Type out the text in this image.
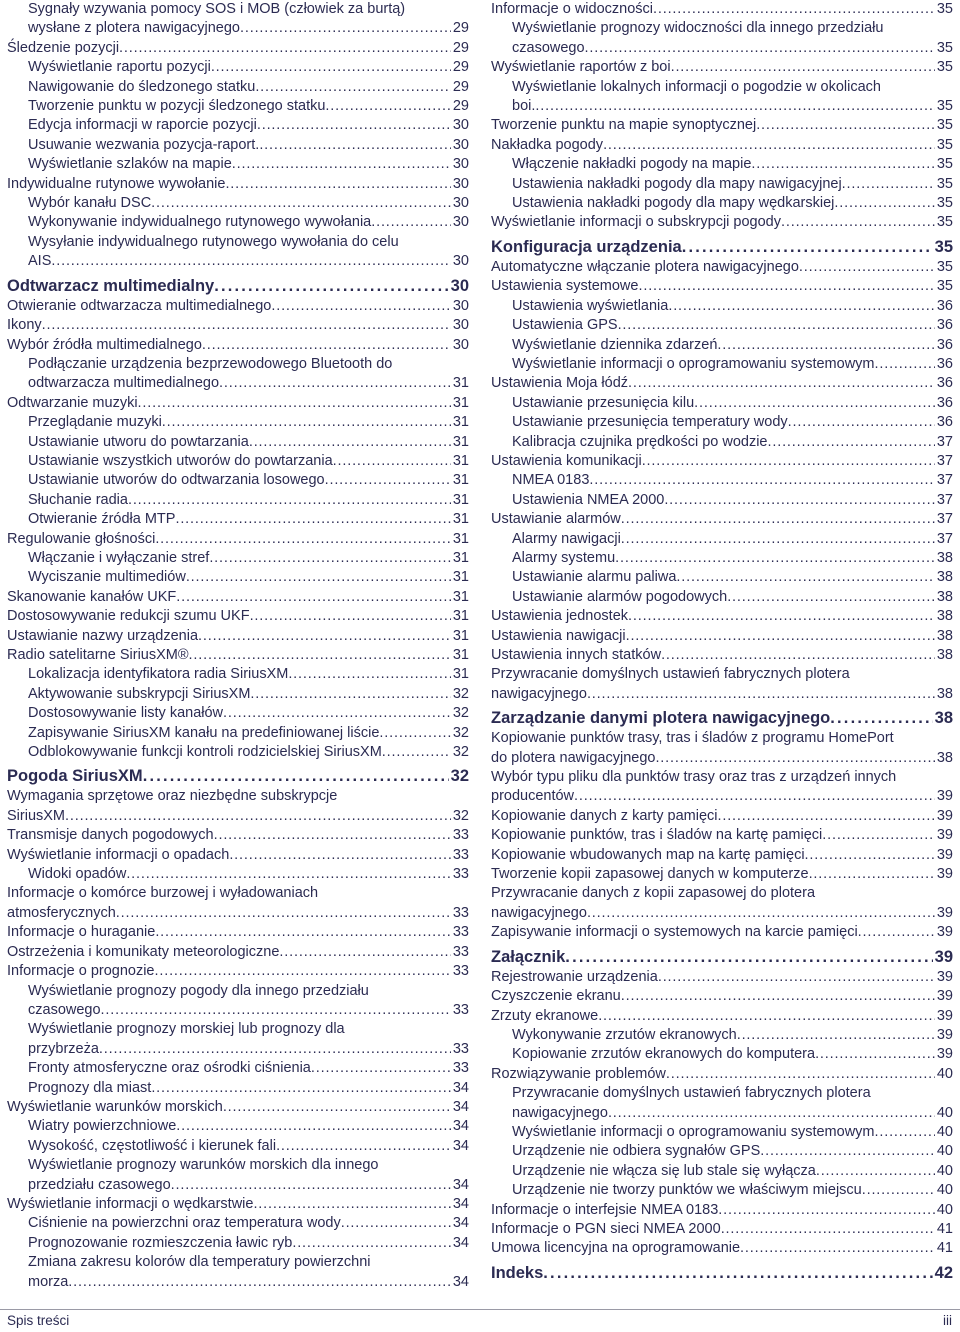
Sygnały wzywania pomocy SOS i MOB (człowiek za burtą)
wysłane z plotera nawigacyjnego . . .	29
Śledzenie pozycji . . .	29
Wyświetlanie raportu pozycji . . .	29
Nawigowanie do śledzonego statku . . .	29
Tworzenie punktu w pozycji śledzonego statku . . .	29
Edycja informacji w raporcie pozycji . . .	30
Usuwanie wezwania pozycja-raport. . . .	30
Wyświetlanie szlaków na mapie . . .	30
Indywidualne rutynowe wywołanie . . .	30
Wybór kanału DSC . . .	30
Wykonywanie indywidualnego rutynowego wywołania . . .	30
Wysyłanie indywidualnego rutynowego wywołania do celu
AIS . . .	30
Odtwarzacz multimedialny . . .	30
Otwieranie odtwarzacza multimedialnego . . .	30
Ikony . . .	30
Wybór źródła multimedialnego . . .	30
Podłączanie urządzenia bezprzewodowego Bluetooth do
odtwarzacza multimedialnego . . .	31
Odtwarzanie muzyki . . .	31
Przeglądanie muzyki . . .	31
Ustawianie utworu do powtarzania . . .	31
Ustawianie wszystkich utworów do powtarzania . . .	31
Ustawianie utworów do odtwarzania losowego . . .	31
Słuchanie radia . . .	31
Otwieranie źródła MTP . . .	31
Regulowanie głośności . . .	31
Włączanie i wyłączanie stref . . .	31
Wyciszanie multimediów . . .	31
Skanowanie kanałów UKF . . .	31
Dostosowywanie redukcji szumu UKF . . .	31
Ustawianie nazwy urządzenia . . .	31
Radio satelitarne SiriusXM® . . .	31
Lokalizacja identyfikatora radia SiriusXM . . .	31
Aktywowanie subskrypcji SiriusXM . . .	32
Dostosowywanie listy kanałów . . .	32
Zapisywanie SiriusXM kanału na predefiniowanej liście . . .	32
Odblokowywanie funkcji kontroli rodzicielskiej SiriusXM . . .	32
Pogoda SiriusXM . . .	32
Wymagania sprzętowe oraz niezbędne subskrypcje
SiriusXM . . .	32
Transmisje danych pogodowych . . .	33
Wyświetlanie informacji o opadach . . .	33
Widoki opadów . . .	33
Informacje o komórce burzowej i wyładowaniach
atmosferycznych . . .	33
Informacje o huraganie . . .	33
Ostrzeżenia i komunikaty meteorologiczne . . .	33
Informacje o prognozie . . .	33
Wyświetlanie prognozy pogody dla innego przedziału
czasowego . . .	33
Wyświetlanie prognozy morskiej lub prognozy dla
przybrzeża . . .	33
Fronty atmosferyczne oraz ośrodki ciśnienia . . .	33
Prognozy dla miast . . .	34
Wyświetlanie warunków morskich . . .	34
Wiatry powierzchniowe . . .	34
Wysokość, częstotliwość i kierunek fali . . .	34
Wyświetlanie prognozy warunków morskich dla innego
przedziału czasowego . . .	34
Wyświetlanie informacji o wędkarstwie . . .	34
Ciśnienie na powierzchni oraz temperatura wody . . .	34
Prognozowanie rozmieszczenia ławic ryb . . .	34
Zmiana zakresu kolorów dla temperatury powierzchni
morza . . .	34
Informacje o widoczności . . .	35
Wyświetlanie prognozy widoczności dla innego przedziału
czasowego . . .	35
Wyświetlanie raportów z boi . . .	35
Wyświetlanie lokalnych informacji o pogodzie w okolicach
boi. . . .	35
Tworzenie punktu na mapie synoptycznej . . .	35
Nakładka pogody . . .	35
Włączenie nakładki pogody na mapie . . .	35
Ustawienia nakładki pogody dla mapy nawigacyjnej . . .	35
Ustawienia nakładki pogody dla mapy wędkarskiej . . .	35
Wyświetlanie informacji o subskrypcji pogody . . .	35
Konfiguracja urządzenia . . .	35
Automatyczne włączanie plotera nawigacyjnego . . .	35
Ustawienia systemowe . . .	35
Ustawienia wyświetlania . . .	36
Ustawienia GPS . . .	36
Wyświetlanie dziennika zdarzeń . . .	36
Wyświetlanie informacji o oprogramowaniu systemowym . . .	36
Ustawienia Moja łódź . . .	36
Ustawianie przesunięcia kilu . . .	36
Ustawianie przesunięcia temperatury wody . . .	36
Kalibracja czujnika prędkości po wodzie . . .	37
Ustawienia komunikacji . . .	37
NMEA 0183 . . .	37
Ustawienia NMEA 2000 . . .	37
Ustawianie alarmów . . .	37
Alarmy nawigacji . . .	37
Alarmy systemu . . .	38
Ustawianie alarmu paliwa . . .	38
Ustawianie alarmów pogodowych . . .	38
Ustawienia jednostek . . .	38
Ustawienia nawigacji . . .	38
Ustawienia innych statków . . .	38
Przywracanie domyślnych ustawień fabrycznych plotera
nawigacyjnego . . .	38
Zarządzanie danymi plotera nawigacyjnego . . .	38
Kopiowanie punktów trasy, tras i śladów z programu HomePort
do plotera nawigacyjnego . . .	38
Wybór typu pliku dla punktów trasy oraz tras z urządzeń innych
producentów . . .	39
Kopiowanie danych z karty pamięci . . .	39
Kopiowanie punktów, tras i śladów na kartę pamięci . . .	39
Kopiowanie wbudowanych map na kartę pamięci . . .	39
Tworzenie kopii zapasowej danych w komputerze . . .	39
Przywracanie danych z kopii zapasowej do plotera
nawigacyjnego . . .	39
Zapisywanie informacji o systemowych na karcie pamięci . . .	39
Załącznik . . .	39
Rejestrowanie urządzenia . . .	39
Czyszczenie ekranu . . .	39
Zrzuty ekranowe . . .	39
Wykonywanie zrzutów ekranowych . . .	39
Kopiowanie zrzutów ekranowych do komputera . . .	39
Rozwiązywanie problemów . . .	40
Przywracanie domyślnych ustawień fabrycznych plotera
nawigacyjnego . . .	40
Wyświetlanie informacji o oprogramowaniu systemowym . . .	40
Urządzenie nie odbiera sygnałów GPS . . .	40
Urządzenie nie włącza się lub stale się wyłącza . . .	40
Urządzenie nie tworzy punktów we właściwym miejscu . . .	40
Informacje o interfejsie NMEA 0183 . . .	40
Informacje o PGN sieci NMEA 2000 . . .	41
Umowa licencyjna na oprogramowanie . . .	41
Indeks . . .	42
Spis treści	iii
